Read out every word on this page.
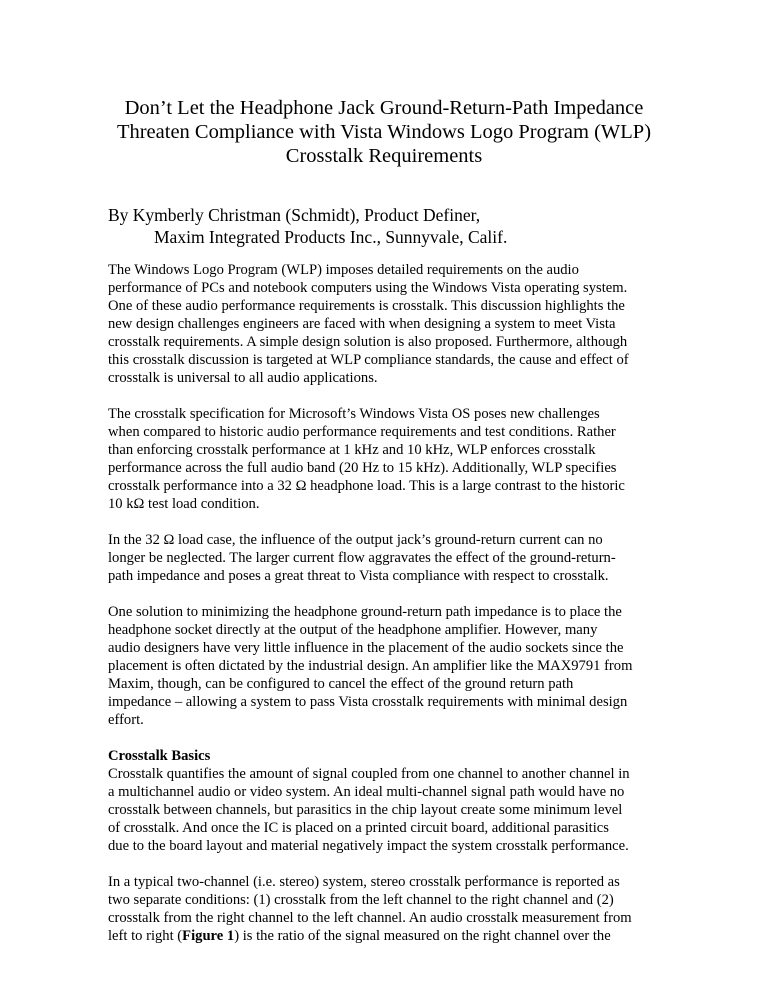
Don’t Let the Headphone Jack Ground-Return-Path Impedance
Threaten Compliance with Vista Windows Logo Program (WLP)
Crosstalk Requirements
By Kymberly Christman (Schmidt), Product Definer,
Maxim Integrated Products Inc., Sunnyvale, Calif.
The Windows Logo Program (WLP) imposes detailed requirements on the audio
performance of PCs and notebook computers using the Windows Vista operating system.
One of these audio performance requirements is crosstalk. This discussion highlights the
new design challenges engineers are faced with when designing a system to meet Vista
crosstalk requirements. A simple design solution is also proposed. Furthermore, although
this crosstalk discussion is targeted at WLP compliance standards, the cause and effect of
crosstalk is universal to all audio applications.
The crosstalk specification for Microsoft’s Windows Vista OS poses new challenges
when compared to historic audio performance requirements and test conditions. Rather
than enforcing crosstalk performance at 1 kHz and 10 kHz, WLP enforces crosstalk
performance across the full audio band (20 Hz to 15 kHz). Additionally, WLP specifies
crosstalk performance into a 32 Ω headphone load. This is a large contrast to the historic
10 kΩ test load condition.
In the 32 Ω load case, the influence of the output jack’s ground-return current can no
longer be neglected. The larger current flow aggravates the effect of the ground-return-
path impedance and poses a great threat to Vista compliance with respect to crosstalk.
One solution to minimizing the headphone ground-return path impedance is to place the
headphone socket directly at the output of the headphone amplifier. However, many
audio designers have very little influence in the placement of the audio sockets since the
placement is often dictated by the industrial design. An amplifier like the MAX9791 from
Maxim, though, can be configured to cancel the effect of the ground return path
impedance – allowing a system to pass Vista crosstalk requirements with minimal design
effort.
Crosstalk Basics
Crosstalk quantifies the amount of signal coupled from one channel to another channel in
a multichannel audio or video system. An ideal multi-channel signal path would have no
crosstalk between channels, but parasitics in the chip layout create some minimum level
of crosstalk. And once the IC is placed on a printed circuit board, additional parasitics
due to the board layout and material negatively impact the system crosstalk performance.
In a typical two-channel (i.e. stereo) system, stereo crosstalk performance is reported as
two separate conditions: (1) crosstalk from the left channel to the right channel and (2)
crosstalk from the right channel to the left channel. An audio crosstalk measurement from
left to right (Figure 1) is the ratio of the signal measured on the right channel over the
